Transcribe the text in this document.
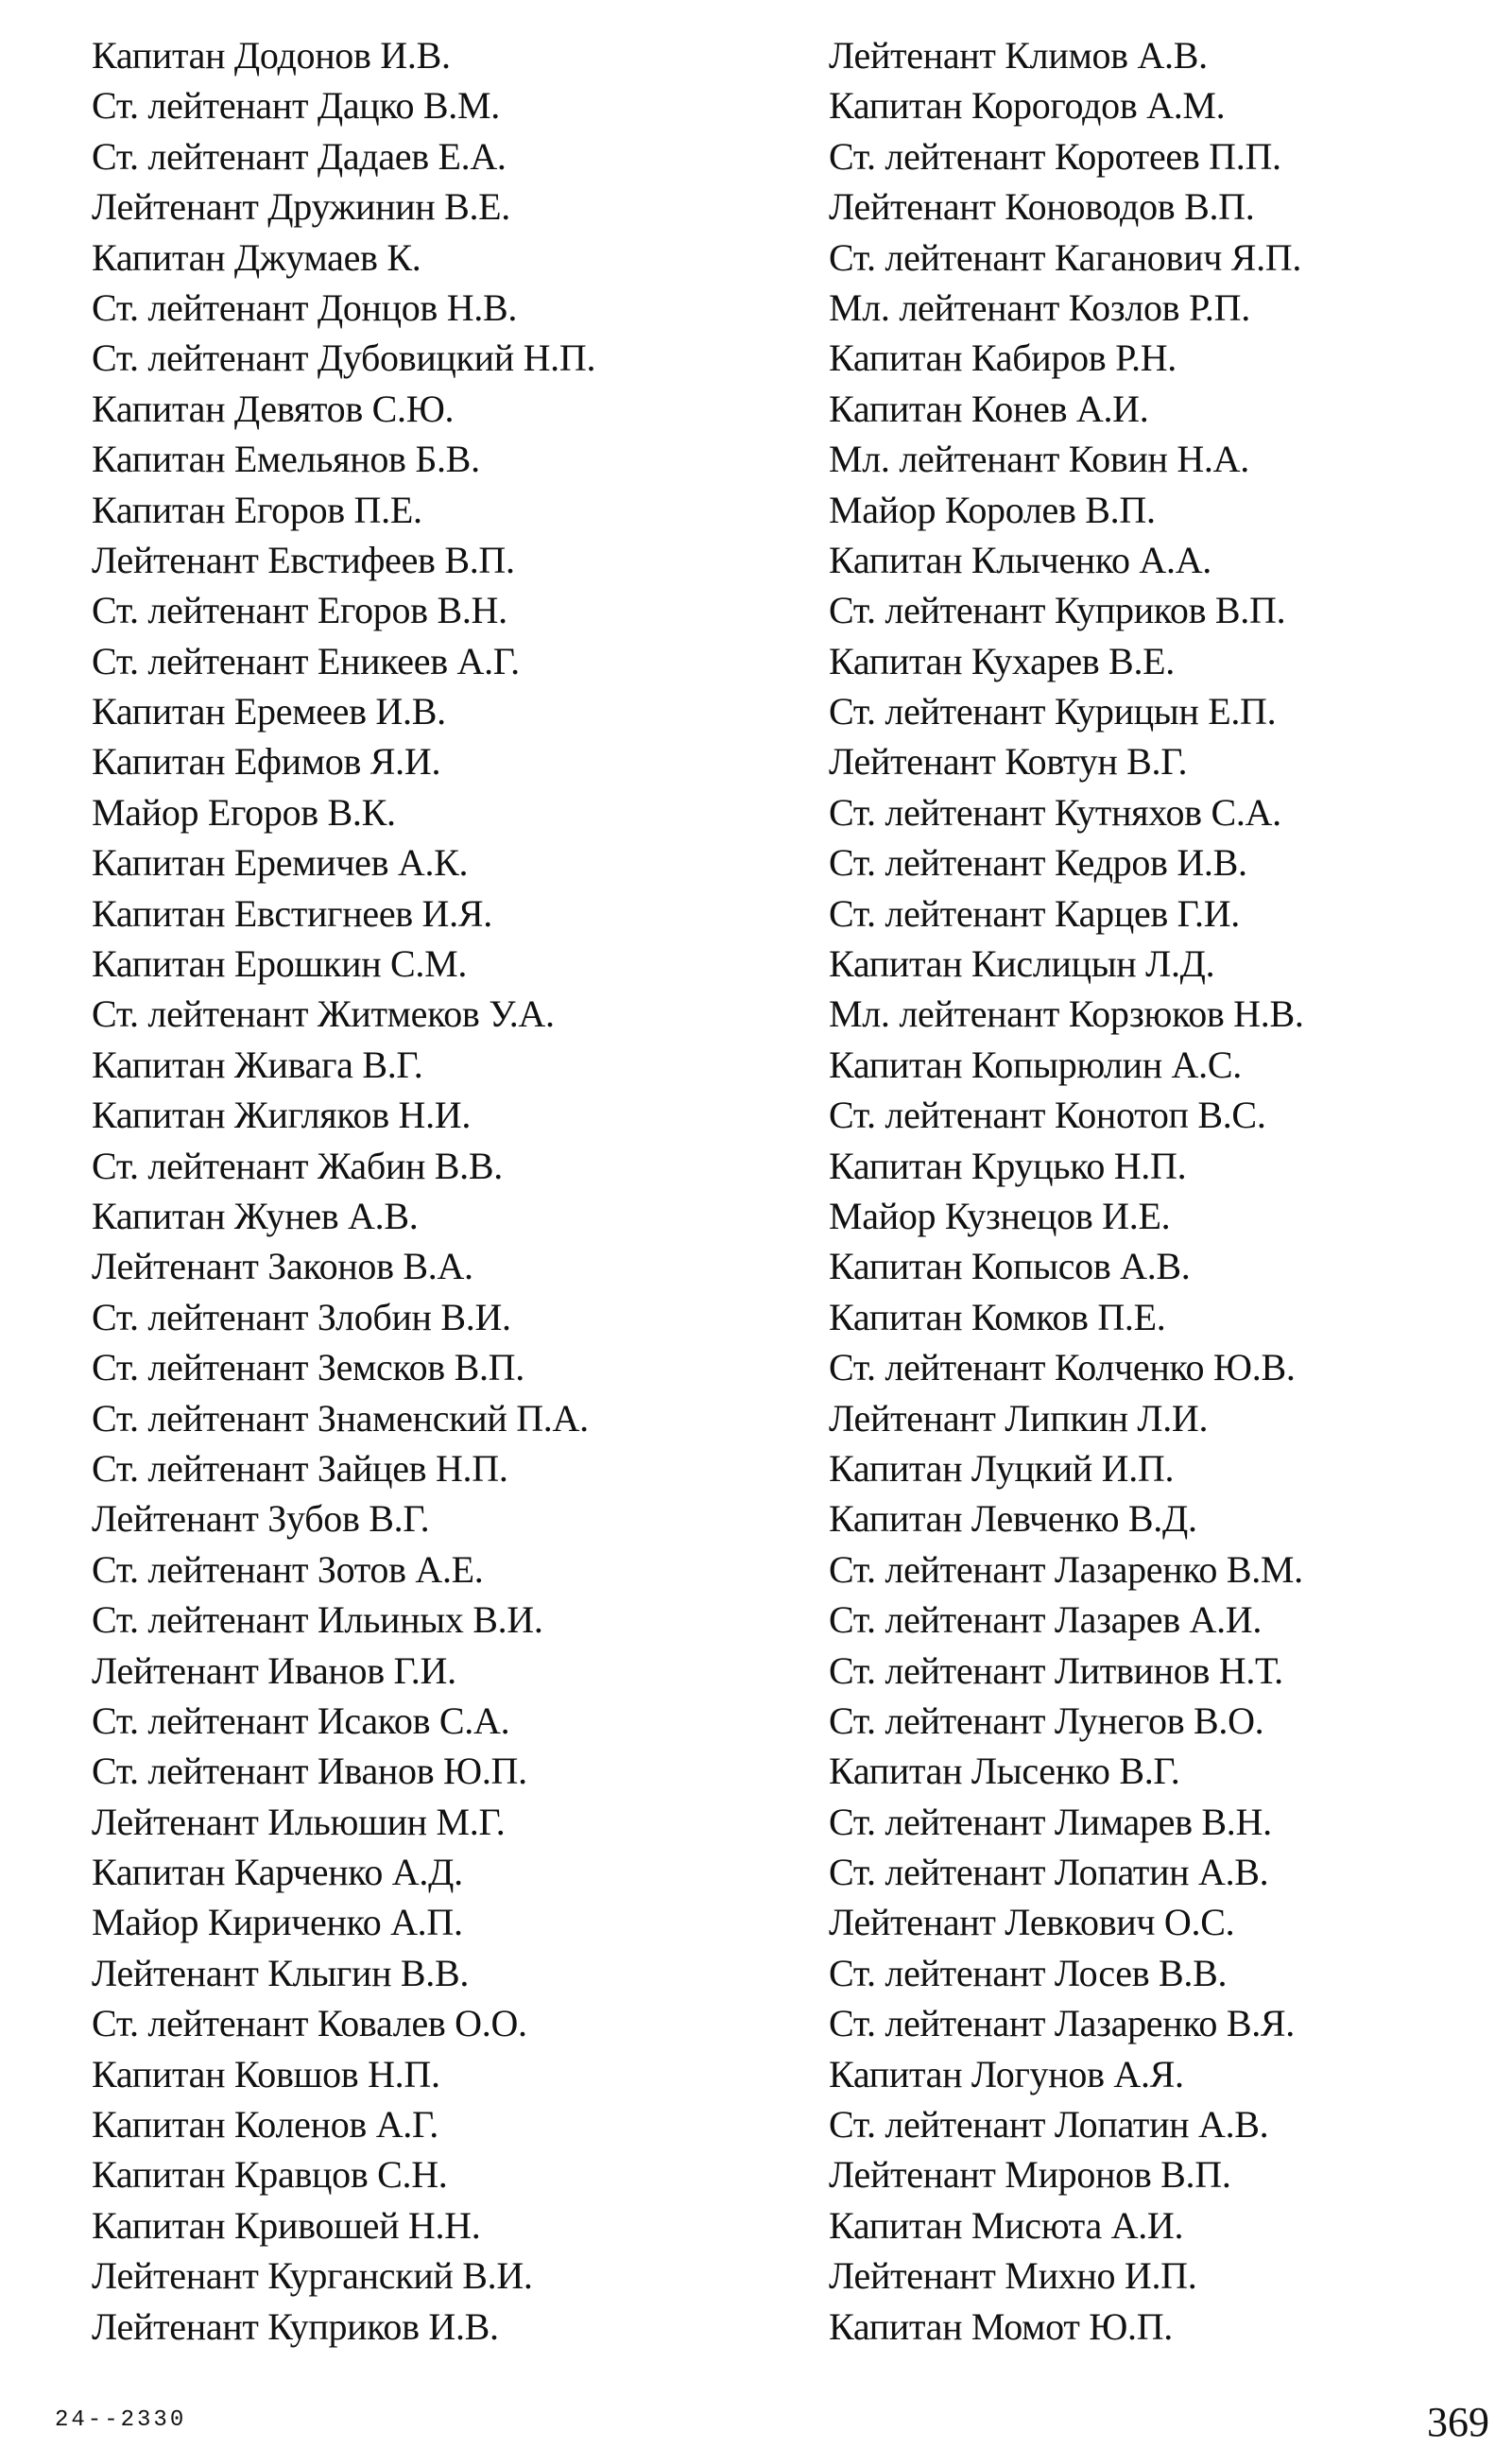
Капитан Додонов И.В.
Ст. лейтенант Дацко В.М.
Ст. лейтенант Дадаев Е.А.
Лейтенант Дружинин В.Е.
Капитан Джумаев К.
Ст. лейтенант Донцов Н.В.
Ст. лейтенант Дубовицкий Н.П.
Капитан Девятов С.Ю.
Капитан Емельянов Б.В.
Капитан Егоров П.Е.
Лейтенант Евстифеев В.П.
Ст. лейтенант Егоров В.Н.
Ст. лейтенант Еникеев А.Г.
Капитан Еремеев И.В.
Капитан Ефимов Я.И.
Майор Егоров В.К.
Капитан Еремичев А.К.
Капитан Евстигнеев И.Я.
Капитан Ерошкин С.М.
Ст. лейтенант Житмеков У.А.
Капитан Живага В.Г.
Капитан Жигляков Н.И.
Ст. лейтенант Жабин В.В.
Капитан Жунев А.В.
Лейтенант Законов В.А.
Ст. лейтенант Злобин В.И.
Ст. лейтенант Земсков В.П.
Ст. лейтенант Знаменский П.А.
Ст. лейтенант Зайцев Н.П.
Лейтенант Зубов В.Г.
Ст. лейтенант Зотов А.Е.
Ст. лейтенант Ильиных В.И.
Лейтенант Иванов Г.И.
Ст. лейтенант Исаков С.А.
Ст. лейтенант Иванов Ю.П.
Лейтенант Ильюшин М.Г.
Капитан Карченко А.Д.
Майор Кириченко А.П.
Лейтенант Клыгин В.В.
Ст. лейтенант Ковалев О.О.
Капитан Ковшов Н.П.
Капитан Коленов А.Г.
Капитан Кравцов С.Н.
Капитан Кривошей Н.Н.
Лейтенант Курганский В.И.
Лейтенант Куприков И.В.
Лейтенант Климов А.В.
Капитан Корогодов А.М.
Ст. лейтенант Коротеев П.П.
Лейтенант Коноводов В.П.
Ст. лейтенант Каганович Я.П.
Мл. лейтенант Козлов Р.П.
Капитан Кабиров Р.Н.
Капитан Конев А.И.
Мл. лейтенант Ковин Н.А.
Майор Королев В.П.
Капитан Клыченко А.А.
Ст. лейтенант Куприков В.П.
Капитан Кухарев В.Е.
Ст. лейтенант Курицын Е.П.
Лейтенант Ковтун В.Г.
Ст. лейтенант Кутняхов С.А.
Ст. лейтенант Кедров И.В.
Ст. лейтенант Карцев Г.И.
Капитан Кислицын Л.Д.
Мл. лейтенант Корзюков Н.В.
Капитан Копырюлин А.С.
Ст. лейтенант Конотоп В.С.
Капитан Круцько Н.П.
Майор Кузнецов И.Е.
Капитан Копысов А.В.
Капитан Комков П.Е.
Ст. лейтенант Колченко Ю.В.
Лейтенант Липкин Л.И.
Капитан Луцкий И.П.
Капитан Левченко В.Д.
Ст. лейтенант Лазаренко В.М.
Ст. лейтенант Лазарев А.И.
Ст. лейтенант Литвинов Н.Т.
Ст. лейтенант Лунегов В.О.
Капитан Лысенко В.Г.
Ст. лейтенант Лимарев В.Н.
Ст. лейтенант Лопатин А.В.
Лейтенант Левкович О.С.
Ст. лейтенант Лосев В.В.
Ст. лейтенант Лазаренко В.Я.
Капитан Логунов А.Я.
Ст. лейтенант Лопатин А.В.
Лейтенант Миронов В.П.
Капитан Мисюта А.И.
Лейтенант Михно И.П.
Капитан Момот Ю.П.
24--2330	369
